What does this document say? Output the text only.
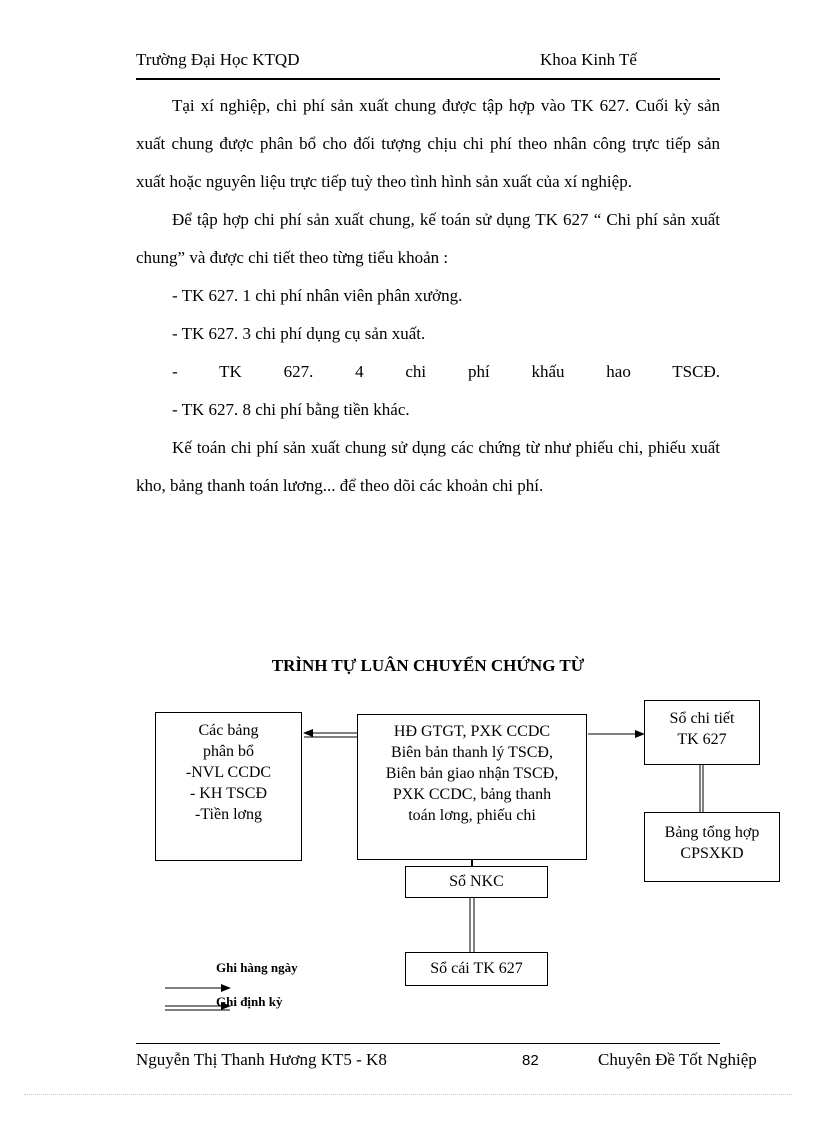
Trường Đại Học KTQD	Khoa Kinh Tế

Tại xí nghiệp, chi phí sản xuất chung được tập hợp vào TK 627. Cuối kỳ sản xuất chung được phân bổ cho đối tượng chịu chi phí theo nhân công trực tiếp sản xuất hoặc nguyên liệu trực tiếp tuỳ theo tình hình sản xuất của xí nghiệp.

Để tập hợp chi phí sản xuất chung, kế toán sử dụng TK 627 “ Chi phí sản xuất chung” và được chi tiết theo từng tiểu khoản :

- TK 627. 1 chi phí nhân viên phân xưởng.

- TK 627. 3 chi phí dụng cụ sản xuất.

- TK 627. 4 chi phí khấu hao TSCĐ.

- TK 627. 8 chi phí bằng tiền khác.

Kế toán chi phí sản xuất chung sử dụng các chứng từ như phiếu chi, phiếu xuất kho, bảng thanh toán lương... để theo dõi các khoản chi phí.

TRÌNH TỰ LUÂN CHUYỂN CHỨNG TỪ
Các bảng
phân bổ
-NVL CCDC
- KH TSCĐ
-Tiền lơng
HĐ GTGT, PXK CCDC
Biên bản thanh lý TSCĐ,
Biên bản giao nhận TSCĐ,
PXK CCDC, bảng thanh
toán lơng, phiếu chi
Sổ chi tiết
TK 627
Bảng tổng hợp
CPSXKD
Sổ NKC
Sổ cái TK 627
Ghi hàng ngày
Ghi định kỳ
Nguyễn Thị Thanh Hương KT5 - K8	82	Chuyên Đề Tốt Nghiệp
